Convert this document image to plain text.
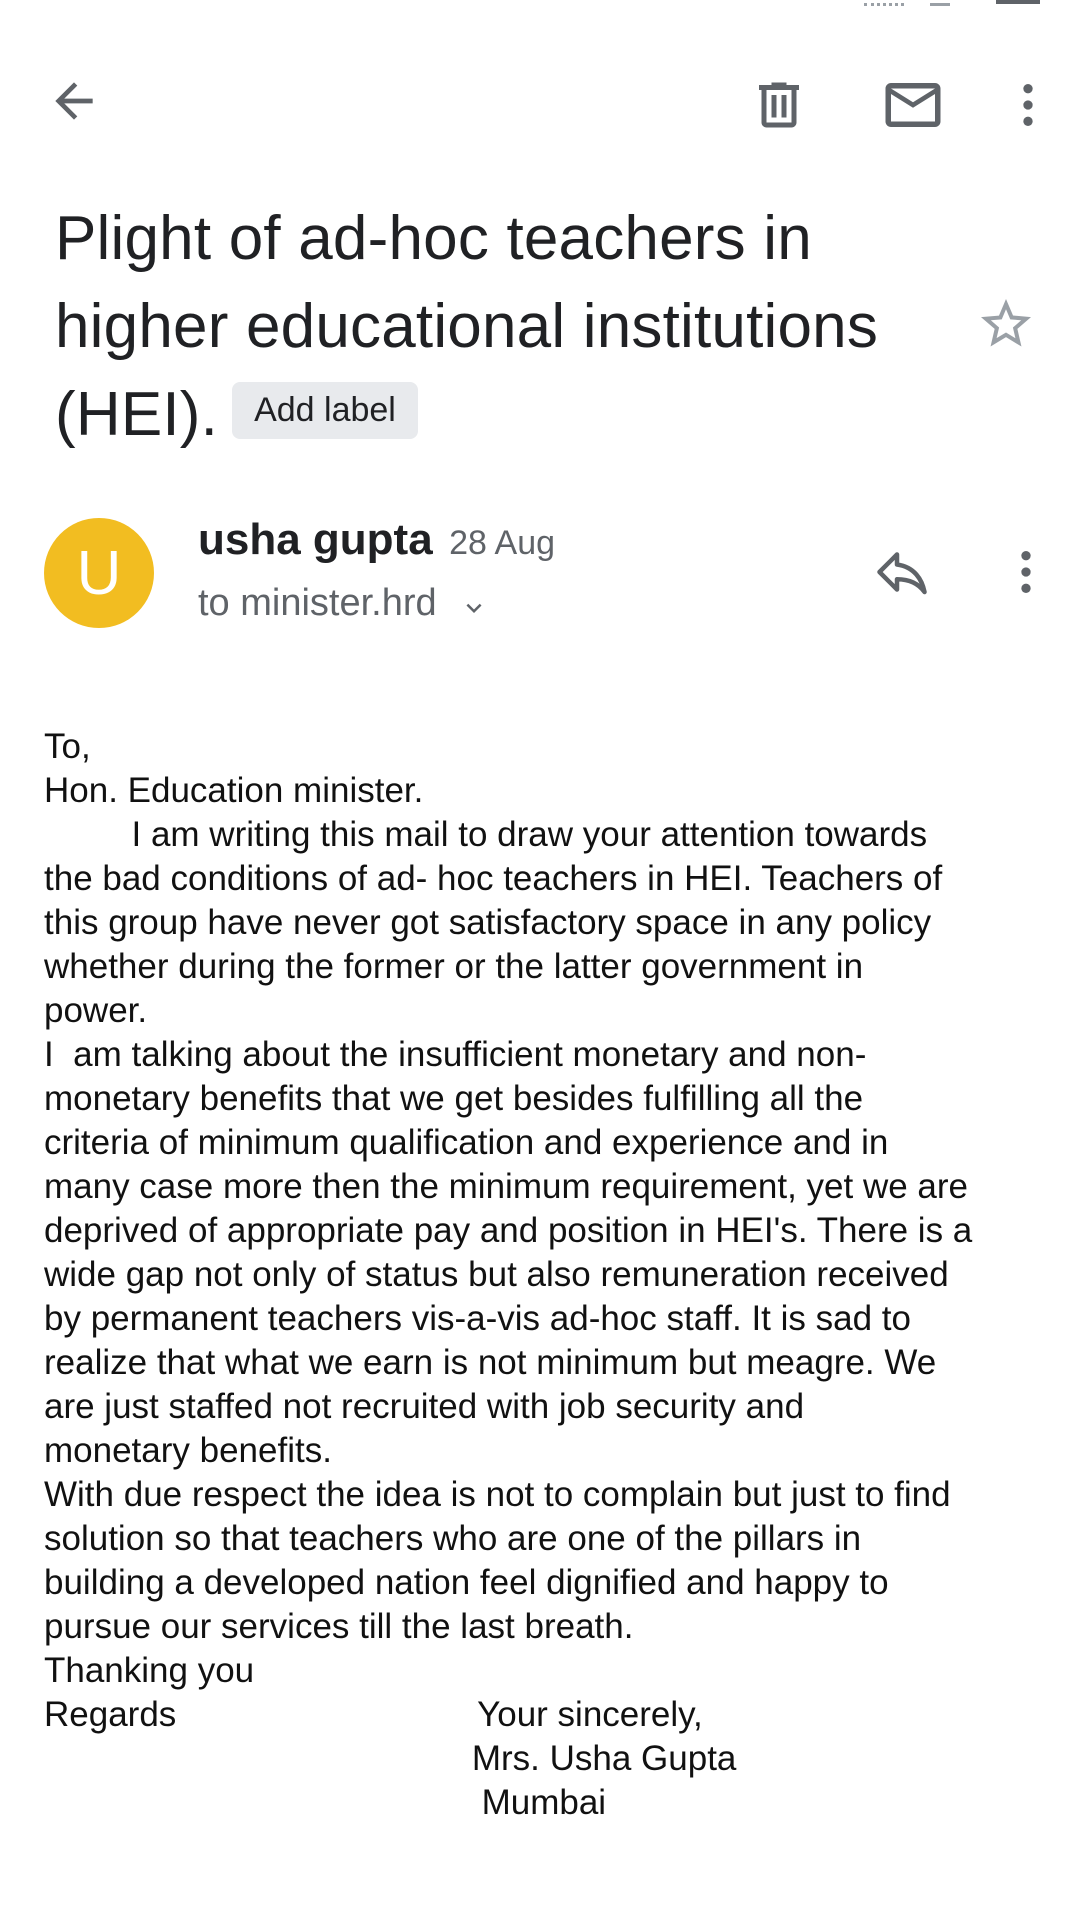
Plight of ad-hoc teachers in
higher educational institutions
(HEI). Add label
U usha gupta 28 Aug
to minister.hrd
To,
Hon. Education minister.
I am writing this mail to draw your attention towards
the bad conditions of ad- hoc teachers in HEI. Teachers of
this group have never got satisfactory space in any policy
whether during the former or the latter government in
power.
I  am talking about the insufficient monetary and non-
monetary benefits that we get besides fulfilling all the
criteria of minimum qualification and experience and in
many case more then the minimum requirement, yet we are
deprived of appropriate pay and position in HEI's. There is a
wide gap not only of status but also remuneration received
by permanent teachers vis-a-vis ad-hoc staff. It is sad to
realize that what we earn is not minimum but meagre. We
are just staffed not recruited with job security and
monetary benefits.
With due respect the idea is not to complain but just to find
solution so that teachers who are one of the pillars in
building a developed nation feel dignified and happy to
pursue our services till the last breath.
Thanking you
Regards                               Your sincerely,
Mrs. Usha Gupta
Mumbai
